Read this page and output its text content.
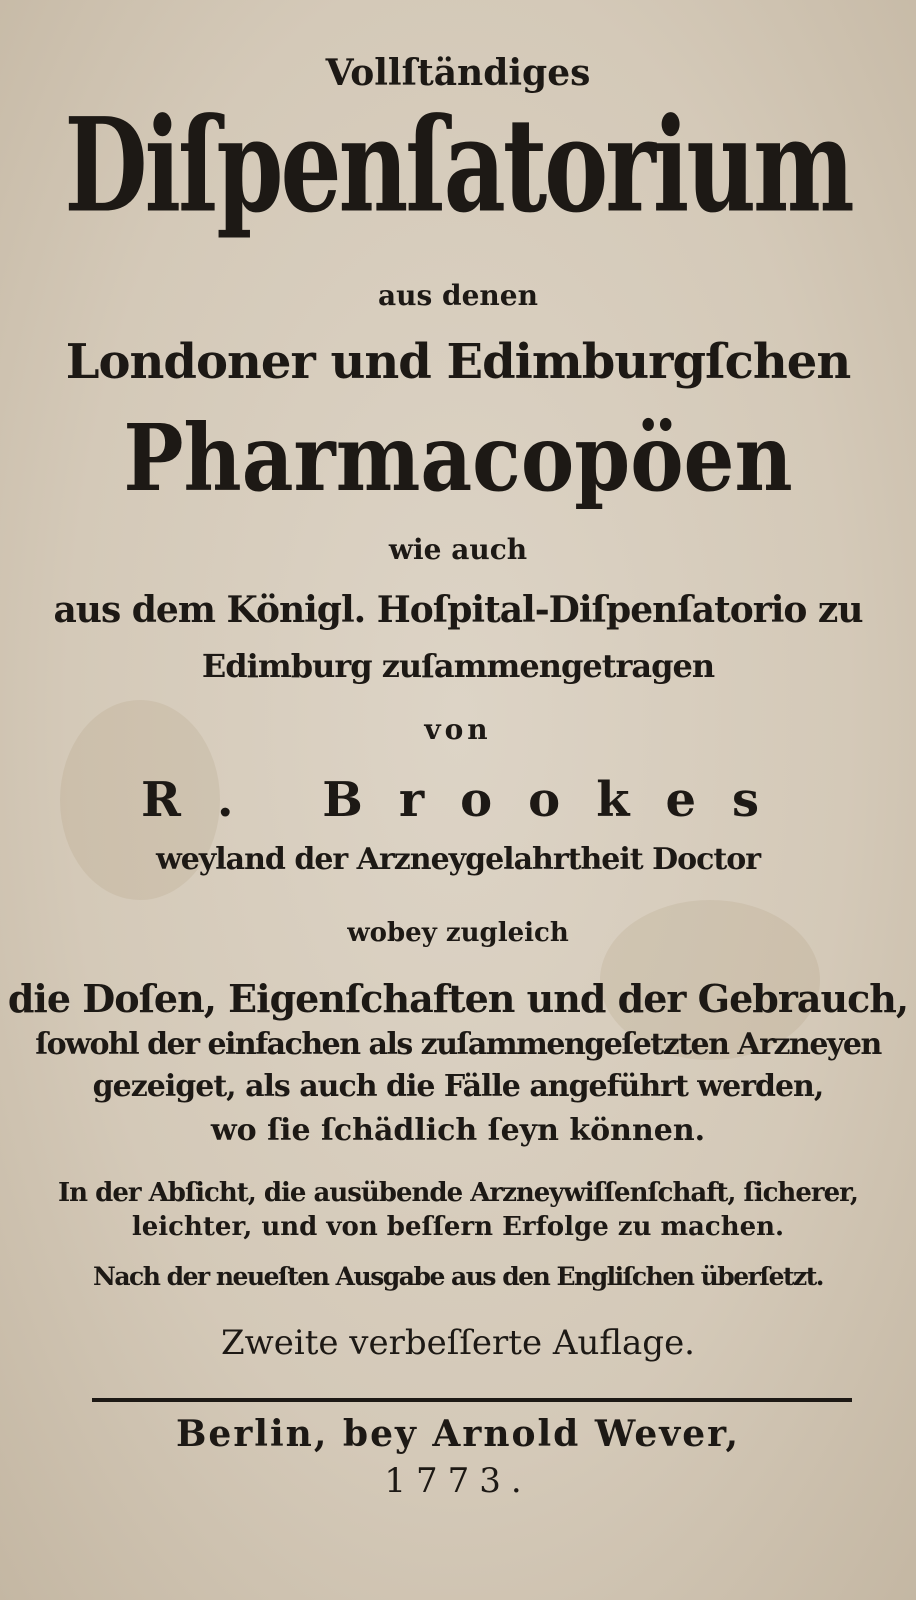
Vollſtändiges
Diſpenſatorium
aus denen
Londoner und Edimburgſchen
Pharmacopöen
wie auch
aus dem Königl. Hoſpital-Diſpenſatorio zu
Edimburg zuſammengetragen
von
R. Brookes
weyland der Arzneygelahrtheit Doctor
wobey zugleich
die Doſen, Eigenſchaften und der Gebrauch,
ſowohl der einfachen als zuſammengeſetzten Arzneyen
gezeiget, als auch die Fälle angeführt werden,
wo ſie ſchädlich ſeyn können.
In der Abſicht, die ausübende Arzneywiſſenſchaft, ſicherer,
leichter, und von beſſern Erfolge zu machen.
Nach der neueſten Ausgabe aus den Engliſchen überſetzt.
Zweite verbeſſerte Auflage.
Berlin, bey Arnold Wever,
1773.
